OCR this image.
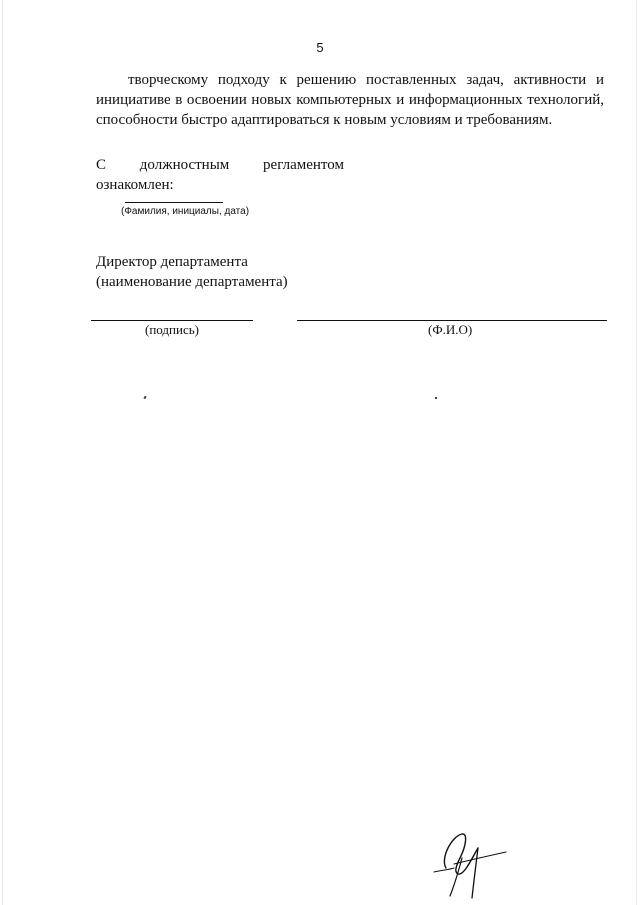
5

творческому подходу к решению поставленных задач, активности и инициативе в освоении новых компьютерных и информационных технологий, способности быстро адаптироваться к новым условиям и требованиям.

С должностным регламентом

ознакомлен:

(Фамилия, инициалы, дата)
Директор департамента
(наименование департамента)
(подпись)	(Ф.И.О)
